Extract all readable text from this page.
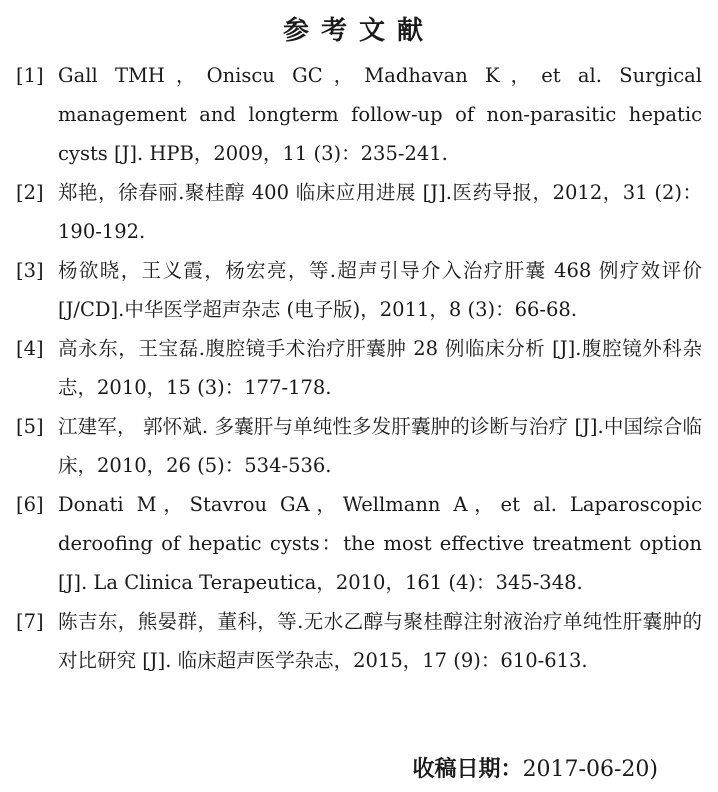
参考文献
[1] Gall TMH，Oniscu GC，Madhavan K，et al. Surgical management and longterm follow-up of non-parasitic hepatic cysts [J]. HPB，2009，11 (3)：235-241.
[2] 郑艳，徐春丽.聚桂醇 400 临床应用进展 [J].医药导报，2012，31 (2)：190-192.
[3] 杨欲晓，王义霞，杨宏亮，等.超声引导介入治疗肝囊 468 例疗效评价 [J/CD].中华医学超声杂志 (电子版)，2011，8 (3)：66-68.
[4] 高永东，王宝磊.腹腔镜手术治疗肝囊肿 28 例临床分析 [J].腹腔镜外科杂志，2010，15 (3)：177-178.
[5] 江建军， 郭怀斌. 多囊肝与单纯性多发肝囊肿的诊断与治疗 [J].中国综合临床，2010，26 (5)：534-536.
[6] Donati M，Stavrou GA，Wellmann A，et al. Laparoscopic deroofing of hepatic cysts：the most effective treatment option [J]. La Clinica Terapeutica，2010，161 (4)：345-348.
[7] 陈吉东，熊晏群，董科，等.无水乙醇与聚桂醇注射液治疗单纯性肝囊肿的对比研究 [J]. 临床超声医学杂志，2015，17 (9)：610-613.
收稿日期：2017-06-20)
